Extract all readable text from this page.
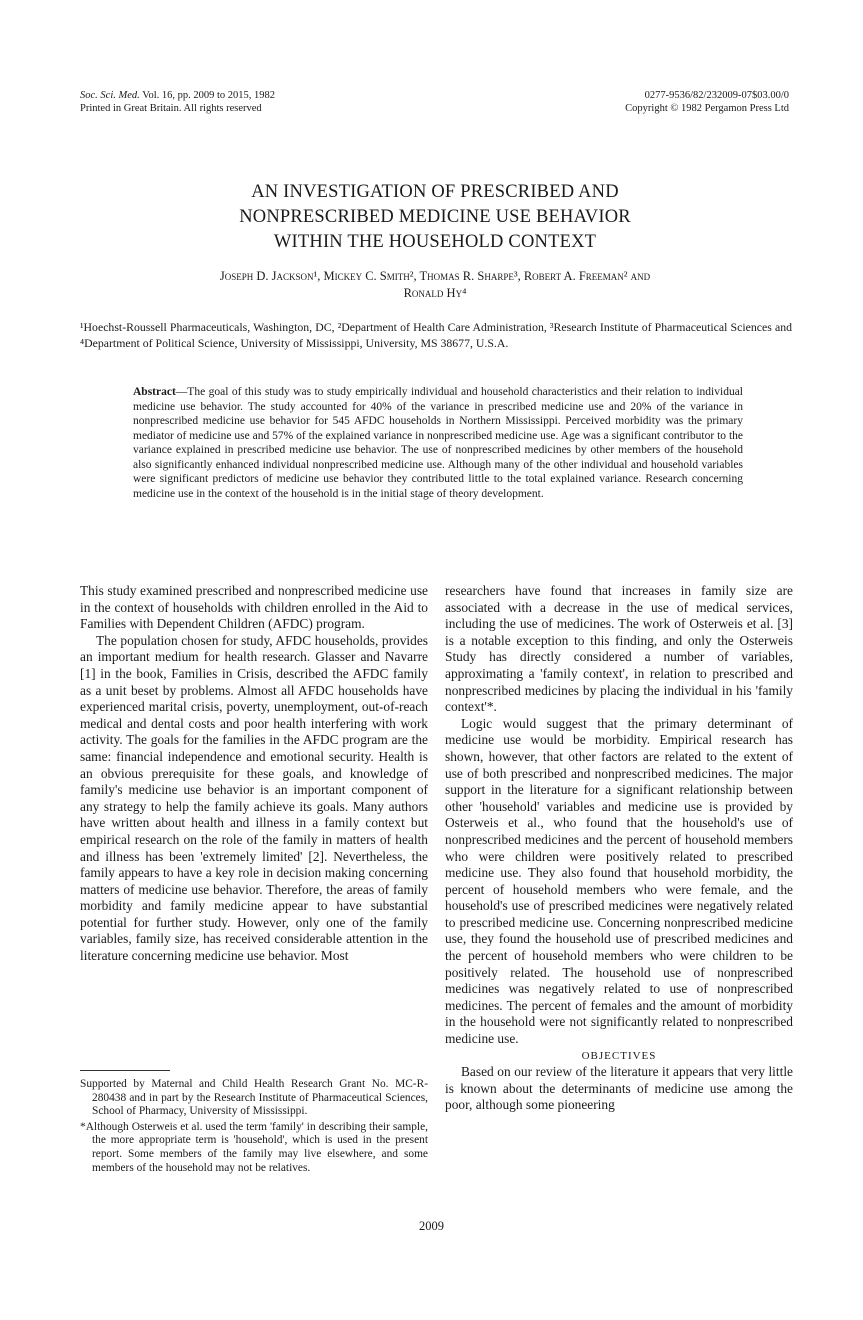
Soc. Sci. Med. Vol. 16, pp. 2009 to 2015, 1982
Printed in Great Britain. All rights reserved
0277-9536/82/232009-07$03.00/0
Copyright © 1982 Pergamon Press Ltd
AN INVESTIGATION OF PRESCRIBED AND
NONPRESCRIBED MEDICINE USE BEHAVIOR
WITHIN THE HOUSEHOLD CONTEXT
Joseph D. Jackson¹, Mickey C. Smith², Thomas R. Sharpe³, Robert A. Freeman² and
Ronald Hy⁴
¹Hoechst-Roussell Pharmaceuticals, Washington, DC, ²Department of Health Care Administration, ³Research Institute of Pharmaceutical Sciences and ⁴Department of Political Science, University of Mississippi, University, MS 38677, U.S.A.
Abstract—The goal of this study was to study empirically individual and household characteristics and their relation to individual medicine use behavior. The study accounted for 40% of the variance in prescribed medicine use and 20% of the variance in nonprescribed medicine use behavior for 545 AFDC households in Northern Mississippi. Perceived morbidity was the primary mediator of medicine use and 57% of the explained variance in nonprescribed medicine use. Age was a significant contributor to the variance explained in prescribed medicine use behavior. The use of nonprescribed medicines by other members of the household also significantly enhanced individual nonprescribed medicine use. Although many of the other individual and household variables were significant predictors of medicine use behavior they contributed little to the total explained variance. Research concerning medicine use in the context of the household is in the initial stage of theory development.

This study examined prescribed and nonprescribed medicine use in the context of households with children enrolled in the Aid to Families with Dependent Children (AFDC) program.

The population chosen for study, AFDC households, provides an important medium for health research. Glasser and Navarre [1] in the book, Families in Crisis, described the AFDC family as a unit beset by problems. Almost all AFDC households have experienced marital crisis, poverty, unemployment, out-of-reach medical and dental costs and poor health interfering with work activity. The goals for the families in the AFDC program are the same: financial independence and emotional security. Health is an obvious prerequisite for these goals, and knowledge of family's medicine use behavior is an important component of any strategy to help the family achieve its goals. Many authors have written about health and illness in a family context but empirical research on the role of the family in matters of health and illness has been 'extremely limited' [2]. Nevertheless, the family appears to have a key role in decision making concerning matters of medicine use behavior. Therefore, the areas of family morbidity and family medicine appear to have substantial potential for further study. However, only one of the family variables, family size, has received considerable attention in the literature concerning medicine use behavior. Most

researchers have found that increases in family size are associated with a decrease in the use of medical services, including the use of medicines. The work of Osterweis et al. [3] is a notable exception to this finding, and only the Osterweis Study has directly considered a number of variables, approximating a 'family context', in relation to prescribed and nonprescribed medicines by placing the individual in his 'family context'*.

Logic would suggest that the primary determinant of medicine use would be morbidity. Empirical research has shown, however, that other factors are related to the extent of use of both prescribed and nonprescribed medicines. The major support in the literature for a significant relationship between other 'household' variables and medicine use is provided by Osterweis et al., who found that the household's use of nonprescribed medicines and the percent of household members who were children were positively related to prescribed medicine use. They also found that household morbidity, the percent of household members who were female, and the household's use of prescribed medicines were negatively related to prescribed medicine use. Concerning nonprescribed medicine use, they found the household use of prescribed medicines and the percent of household members who were children to be positively related. The household use of nonprescribed medicines was negatively related to use of nonprescribed medicines. The percent of females and the amount of morbidity in the household were not significantly related to nonprescribed medicine use.

OBJECTIVES

Based on our review of the literature it appears that very little is known about the determinants of medicine use among the poor, although some pioneering

Supported by Maternal and Child Health Research Grant No. MC-R-280438 and in part by the Research Institute of Pharmaceutical Sciences, School of Pharmacy, University of Mississippi.

*Although Osterweis et al. used the term 'family' in describing their sample, the more appropriate term is 'household', which is used in the present report. Some members of the family may live elsewhere, and some members of the household may not be relatives.

2009
